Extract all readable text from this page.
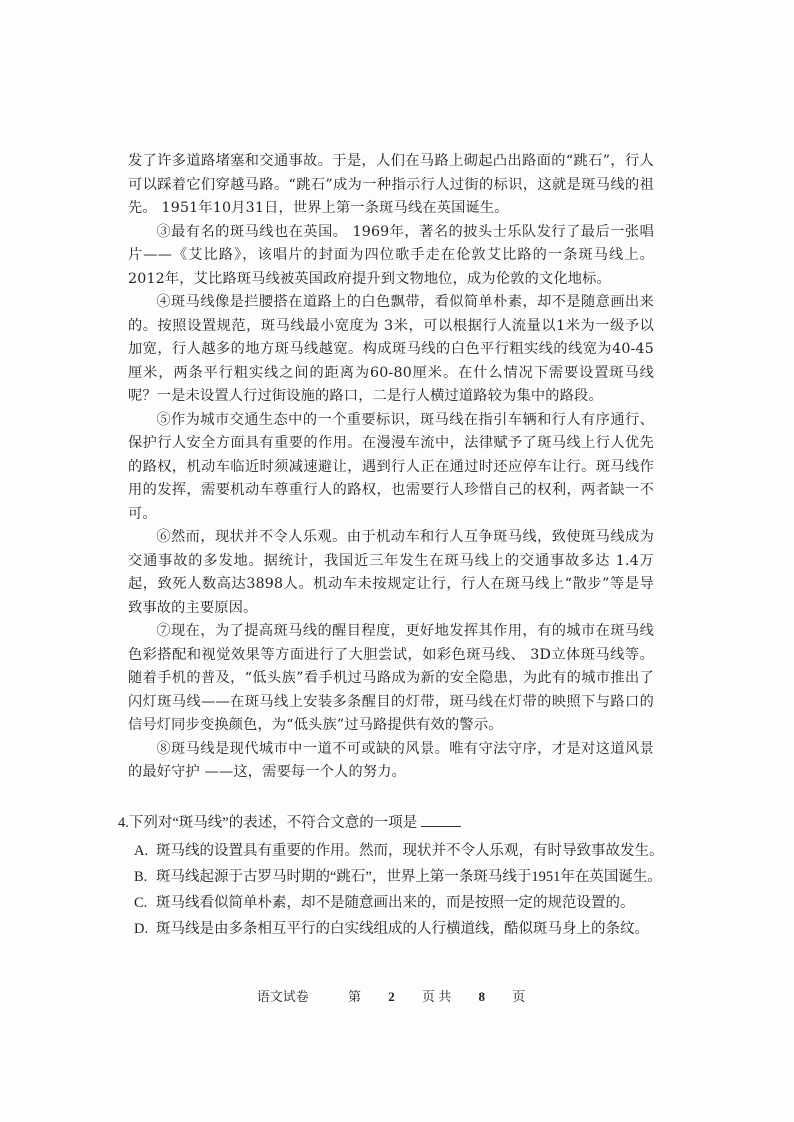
发了许多道路堵塞和交通事故。于是，人们在马路上砌起凸出路面的“跳石”，行人可以踩着它们穿越马路。“跳石”成为一种指示行人过街的标识，这就是斑马线的祖先。 1951年10月31日，世界上第一条斑马线在英国诞生。

③最有名的斑马线也在英国。 1969年，著名的披头士乐队发行了最后一张唱片——《艾比路》，该唱片的封面为四位歌手走在伦敦艾比路的一条斑马线上。2012年，艾比路斑马线被英国政府提升到文物地位，成为伦敦的文化地标。

④斑马线像是拦腰搭在道路上的白色飘带，看似简单朴素，却不是随意画出来的。按照设置规范，斑马线最小宽度为 3米，可以根据行人流量以1米为一级予以加宽，行人越多的地方斑马线越宽。构成斑马线的白色平行粗实线的线宽为40-45厘米，两条平行粗实线之间的距离为60-80厘米。在什么情况下需要设置斑马线呢？一是未设置人行过街设施的路口，二是行人横过道路较为集中的路段。

⑤作为城市交通生态中的一个重要标识，斑马线在指引车辆和行人有序通行、保护行人安全方面具有重要的作用。在漫漫车流中，法律赋予了斑马线上行人优先的路权，机动车临近时须减速避让，遇到行人正在通过时还应停车让行。斑马线作用的发挥，需要机动车尊重行人的路权，也需要行人珍惜自己的权利，两者缺一不可。

⑥然而，现状并不令人乐观。由于机动车和行人互争斑马线，致使斑马线成为交通事故的多发地。据统计，我国近三年发生在斑马线上的交通事故多达 1.4万起，致死人数高达3898人。机动车未按规定让行，行人在斑马线上“散步”等是导致事故的主要原因。

⑦现在，为了提高斑马线的醒目程度，更好地发挥其作用，有的城市在斑马线色彩搭配和视觉效果等方面进行了大胆尝试，如彩色斑马线、 3D立体斑马线等。随着手机的普及，“低头族”看手机过马路成为新的安全隐患，为此有的城市推出了闪灯斑马线——在斑马线上安装多条醒目的灯带，斑马线在灯带的映照下与路口的信号灯同步变换颜色，为“低头族”过马路提供有效的警示。

⑧斑马线是现代城市中一道不可或缺的风景。唯有守法守序，才是对这道风景的最好守护 ——这，需要每一个人的努力。

4.下列对“斑马线”的表述，不符合文意的一项是

A. 斑马线的设置具有重要的作用。然而，现状并不令人乐观，有时导致事故发生。

B. 斑马线起源于古罗马时期的“跳石”，世界上第一条斑马线于1951年在英国诞生。

C. 斑马线看似简单朴素，却不是随意画出来的，而是按照一定的规范设置的。

D. 斑马线是由多条相互平行的白实线组成的人行横道线，酷似斑马身上的条纹。

语文试卷	第 2 页 共 8 页
